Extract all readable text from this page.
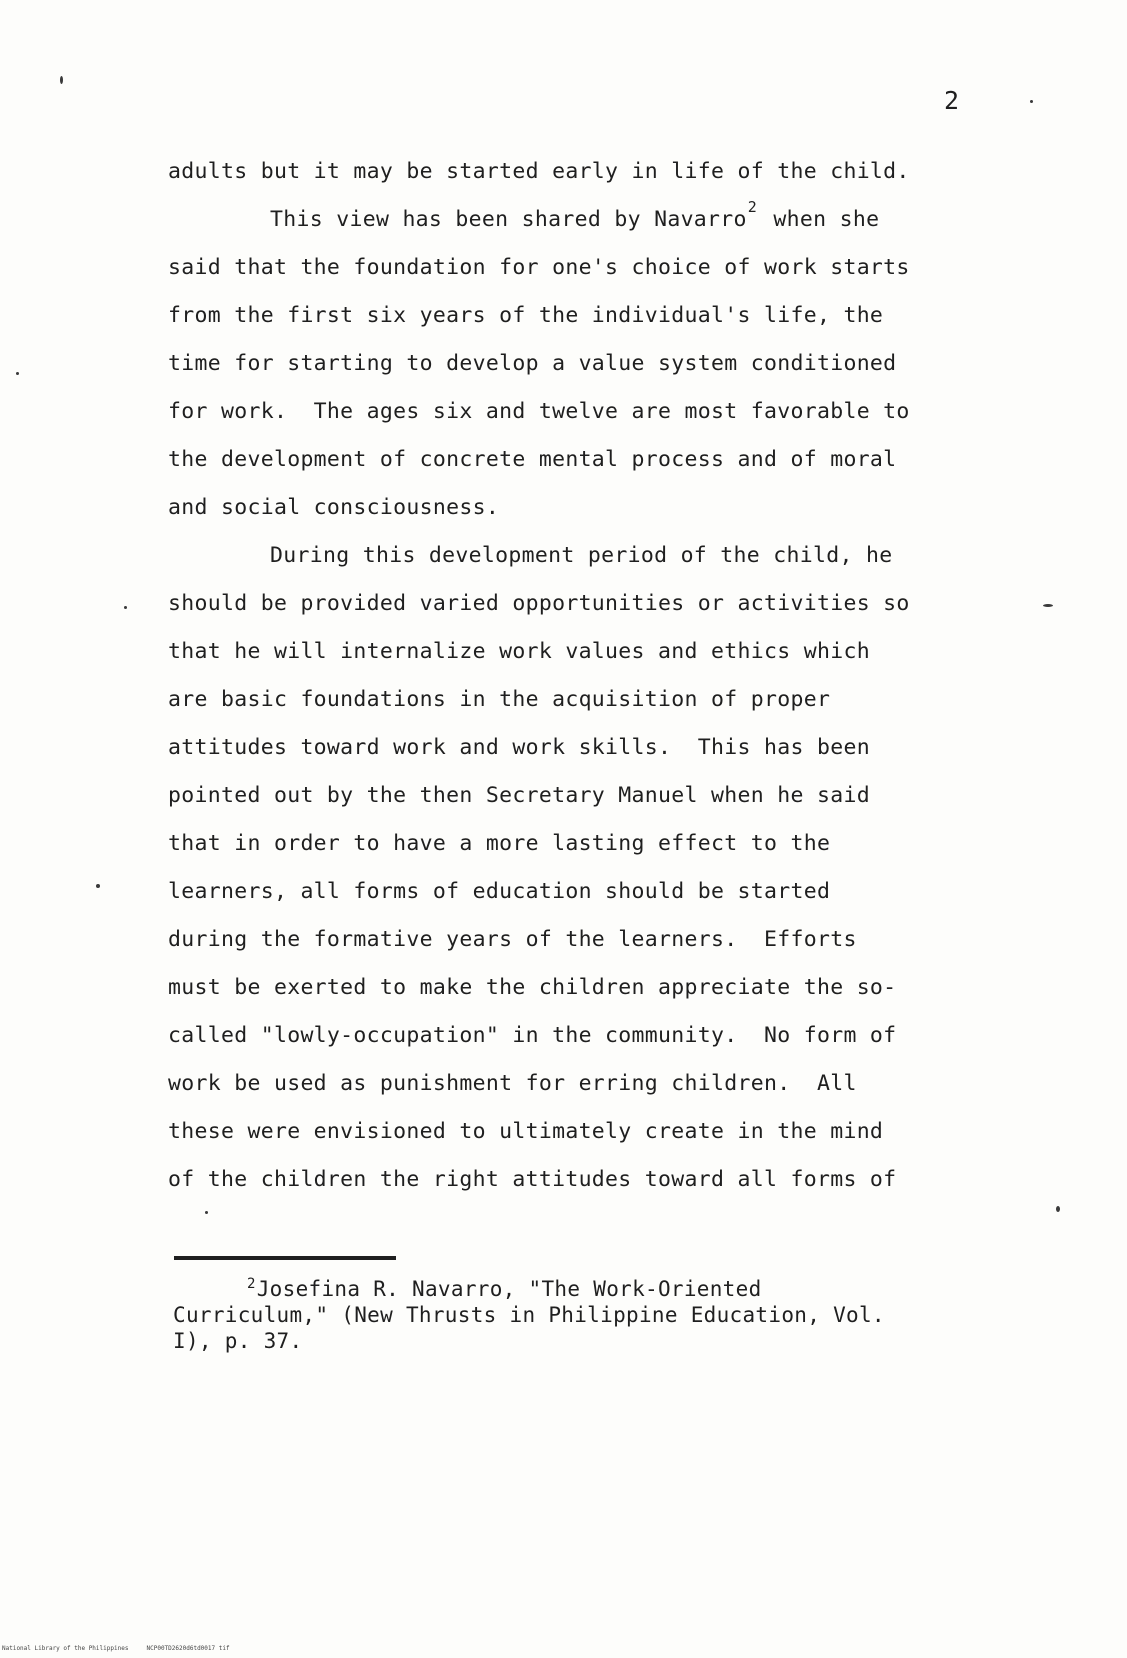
2
adults but it may be started early in life of the child.
This view has been shared by Navarro$^2$ when she
said that the foundation for one's choice of work starts
from the first six years of the individual's life, the
time for starting to develop a value system conditioned
for work.  The ages six and twelve are most favorable to
the development of concrete mental process and of moral
and social consciousness.
During this development period of the child, he
should be provided varied opportunities or activities so
that he will internalize work values and ethics which
are basic foundations in the acquisition of proper
attitudes toward work and work skills.  This has been
pointed out by the then Secretary Manuel when he said
that in order to have a more lasting effect to the
learners, all forms of education should be started
during the formative years of the learners.  Efforts
must be exerted to make the children appreciate the so-
called "lowly-occupation" in the community.  No form of
work be used as punishment for erring children.  All
these were envisioned to ultimately create in the mind
of the children the right attitudes toward all forms of
$^2$Josefina R. Navarro, "The Work-Oriented
Curriculum," (New Thrusts in Philippine Education, Vol.
I), p. 37.
National Library of the Philippines	NCP00TD2620d6td0017 tif
